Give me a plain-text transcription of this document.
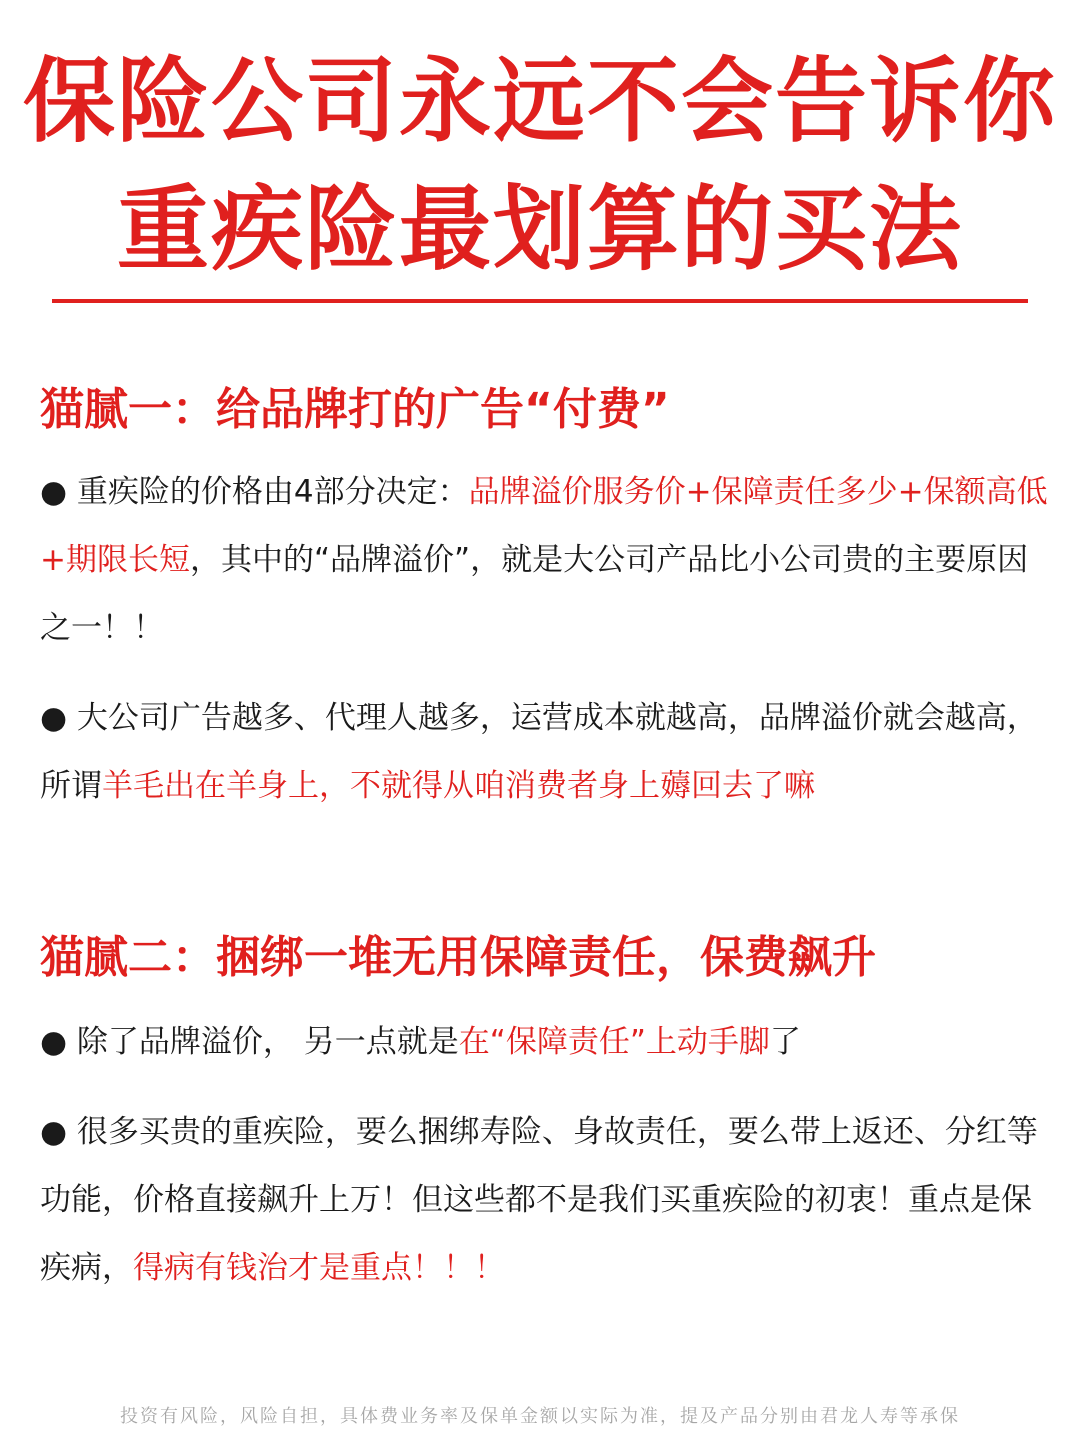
保险公司永远不会告诉你
重疾险最划算的买法
猫腻一：给品牌打的广告“付费”

● 重疾险的价格由4部分决定：品牌溢价服务价+保障责任多少+保额高低+期限长短，其中的“品牌溢价”，就是大公司产品比小公司贵的主要原因之一！！

● 大公司广告越多、代理人越多，运营成本就越高，品牌溢价就会越高，所谓羊毛出在羊身上，不就得从咱消费者身上薅回去了嘛

猫腻二：捆绑一堆无用保障责任，保费飙升

● 除了品牌溢价， 另一点就是在“保障责任”上动手脚了

● 很多买贵的重疾险，要么捆绑寿险、身故责任，要么带上返还、分红等功能，价格直接飙升上万！但这些都不是我们买重疾险的初衷！重点是保疾病，得病有钱治才是重点！！！

投资有风险，风险自担，具体费业务率及保单金额以实际为准，提及产品分别由君龙人寿等承保
